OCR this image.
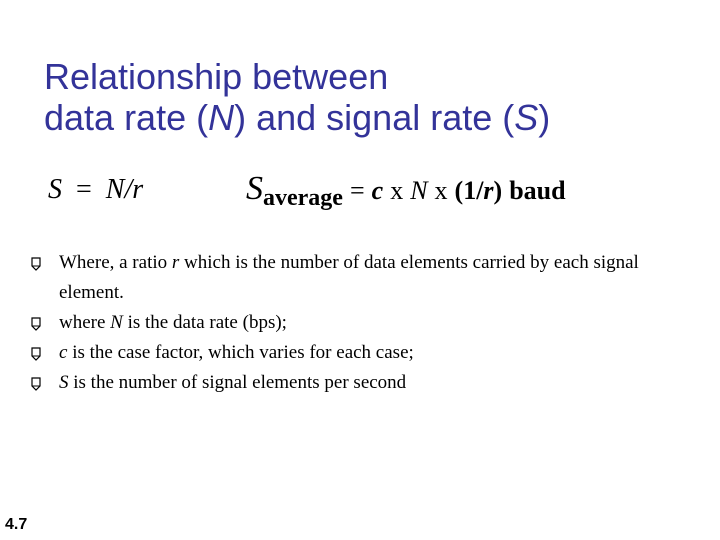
Relationship between
data rate (N) and signal rate (S)
S = N/r	Saverage = c x N x (1/r) baud
Where, a ratio r which is the number of data elements carried by each signal element.
where N is the data rate (bps);
c is the case factor, which varies for each case;
S is the number of signal elements per second
4.7
